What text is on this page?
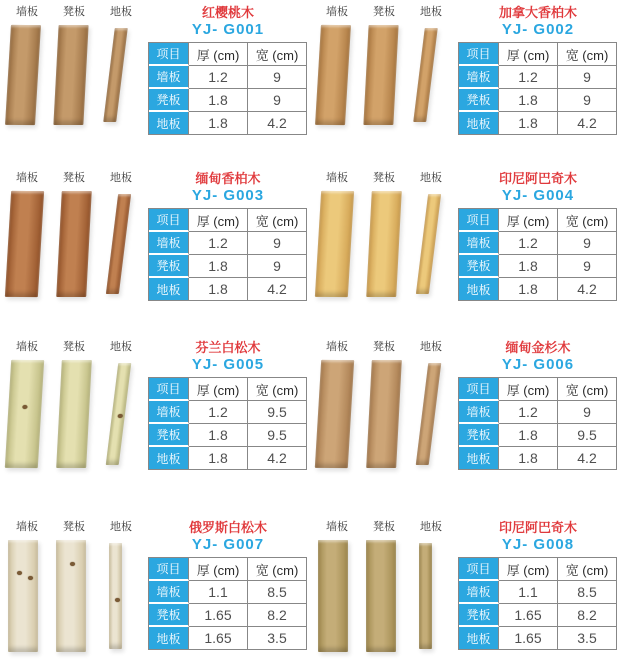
墙板 凳板 地板	红樱桃木
YJ- G001
项目	厚 (cm)	宽 (cm)
墙板	1.2	9
凳板	1.8	9
地板	1.8	4.2
墙板 凳板 地板	加拿大香柏木
YJ- G002
项目	厚 (cm)	宽 (cm)
墙板	1.2	9
凳板	1.8	9
地板	1.8	4.2
墙板 凳板 地板	缅甸香柏木
YJ- G003
项目	厚 (cm)	宽 (cm)
墙板	1.2	9
凳板	1.8	9
地板	1.8	4.2
墙板 凳板 地板	印尼阿巴奇木
YJ- G004
项目	厚 (cm)	宽 (cm)
墙板	1.2	9
凳板	1.8	9
地板	1.8	4.2
墙板 凳板 地板	芬兰白松木
YJ- G005
项目	厚 (cm)	宽 (cm)
墙板	1.2	9.5
凳板	1.8	9.5
地板	1.8	4.2
墙板 凳板 地板	缅甸金杉木
YJ- G006
项目	厚 (cm)	宽 (cm)
墙板	1.2	9
凳板	1.8	9.5
地板	1.8	4.2
墙板 凳板 地板	俄罗斯白松木
YJ- G007
项目	厚 (cm)	宽 (cm)
墙板	1.1	8.5
凳板	1.65	8.2
地板	1.65	3.5
墙板 凳板 地板	印尼阿巴奇木
YJ- G008
项目	厚 (cm)	宽 (cm)
墙板	1.1	8.5
凳板	1.65	8.2
地板	1.65	3.5
